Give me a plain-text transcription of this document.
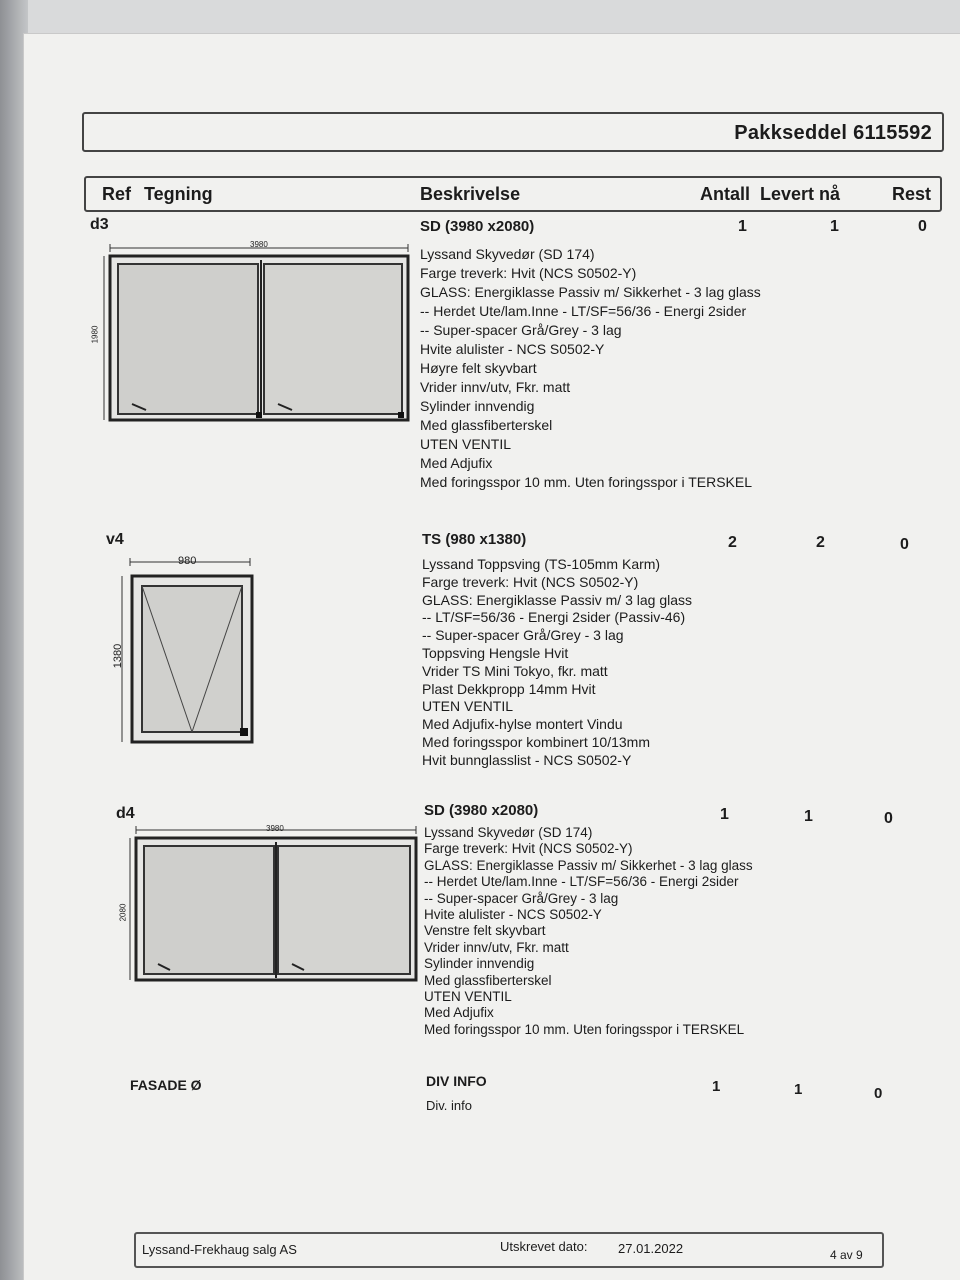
Pakkseddel 6115592
Ref Tegning	Beskrivelse	Antall Levert nå	Rest
d3	SD (3980 x2080)	1	1	0
3980
1980
Lyssand Skyvedør (SD 174)
Farge treverk: Hvit (NCS S0502-Y)
GLASS: Energiklasse Passiv m/ Sikkerhet - 3 lag glass
-- Herdet Ute/lam.Inne - LT/SF=56/36 - Energi 2sider
-- Super-spacer Grå/Grey - 3 lag
Hvite alulister - NCS S0502-Y
Høyre felt skyvbart
Vrider innv/utv, Fkr. matt
Sylinder innvendig
Med glassfiberterskel
UTEN VENTIL
Med Adjufix
Med foringsspor 10 mm. Uten foringsspor i TERSKEL
v4	TS (980 x1380)	2	2	0
980
1380
Lyssand Toppsving (TS-105mm Karm)
Farge treverk: Hvit (NCS S0502-Y)
GLASS: Energiklasse Passiv m/ 3 lag glass
-- LT/SF=56/36 - Energi 2sider (Passiv-46)
-- Super-spacer Grå/Grey - 3 lag
Toppsving Hengsle Hvit
Vrider TS Mini Tokyo, fkr. matt
Plast Dekkpropp 14mm Hvit
UTEN VENTIL
Med Adjufix-hylse montert Vindu
Med foringsspor kombinert 10/13mm
Hvit bunnglasslist - NCS S0502-Y
d4	SD (3980 x2080)	1	1	0
3980
2080
Lyssand Skyvedør (SD 174)
Farge treverk: Hvit (NCS S0502-Y)
GLASS: Energiklasse Passiv m/ Sikkerhet - 3 lag glass
-- Herdet Ute/lam.Inne - LT/SF=56/36 - Energi 2sider
-- Super-spacer Grå/Grey - 3 lag
Hvite alulister - NCS S0502-Y
Venstre felt skyvbart
Vrider innv/utv, Fkr. matt
Sylinder innvendig
Med glassfiberterskel
UTEN VENTIL
Med Adjufix
Med foringsspor 10 mm. Uten foringsspor i TERSKEL
FASADE Ø	DIV INFO	1	1	0
Div. info
Lyssand-Frekhaug salg AS	Utskrevet dato: 27.01.2022	4 av 9
